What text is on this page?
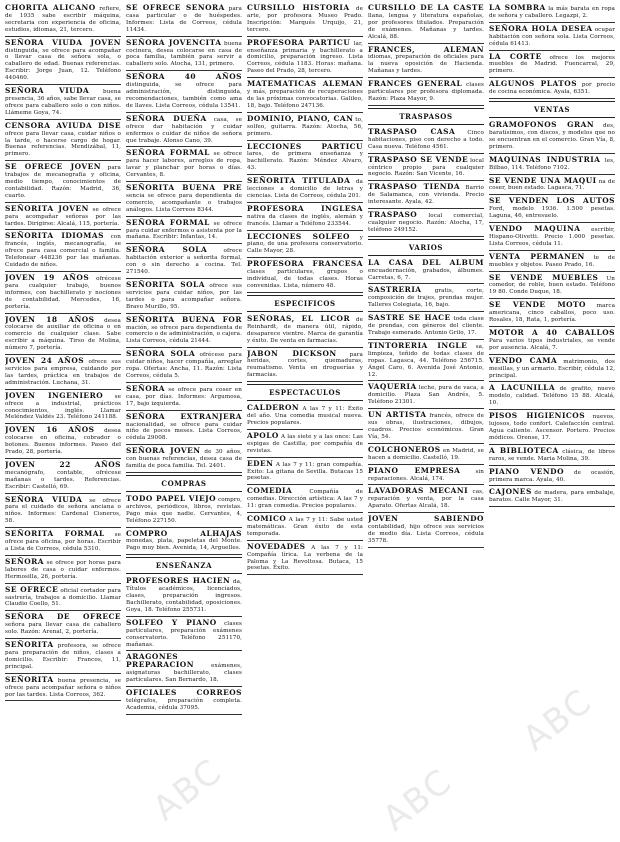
CHORITA ALICANO refiere, de 1935 sabe escribir máquina, secretaria con experiencia de oficina, estudios, idiomas, 21, tercero.
SEÑORA VIUDA JOVEN distinguida, se ofrece para acompañar o llevar casa de señora sola, o caballero de edad. Buenas referencias. Escribir: Jorge Juan, 12. Teléfono 440460.
SEÑORA VIUDA buena presencia, 36 años, sabe llevar casa, se ofrece para caballero solo o con niños. Llámeme Goya, 74.
CENSORA AVIUDA DISE ofrece para llevar casa, cuidar niños o la tarde, o hacerse cargo de hogar. Buenas referencias. Mendizábal, 11, primero.
SE OFRECE JOVEN para trabajos de mecanografía y oficina, medio tiempo, conocimientos de contabilidad. Razón: Madrid, 36, cuarto.
SEÑORITA JOVEN se ofrece para acompañar señoras por las tardes. Dirigirse: Alcalá, 115, portería.
SEÑORITA IDIOMAS con francés, inglés, mecanografía, se ofrece para casa comercial o familia. Telefonear 448236 por las mañanas. Cuidado de niños.
JOVEN 19 AÑOS ofrécese para cualquier trabajo, buenos informes, con bachillerato y nociones de contabilidad. Mercedes, 16, portería.
JOVEN 18 AÑOS desea colocarse de auxiliar de oficina o en comercio de cualquier clase. Sabe escribir a máquina. Tirso de Molina, número 7, portería.
JOVEN 24 AÑOS ofrece sus servicios para empresa, cuidando por las tardes, práctica en trabajos de administración. Luchana, 31.
JOVEN INGENIERO se ofrece a industrial, prácticos conocimientos, inglés. Llamar Meléndez Valdés 23. Teléfono 241188.
JOVEN 16 AÑOS desea colocarse en oficina, cobrador o botones. Buenos informes. Paseo del Prado, 28, portería.
JOVEN 22 AÑOS mecanógrafo, contable, ofrécese mañanas o tardes. Referencias. Escribir: Castelló, 69.
SEÑORA VIUDA se ofrece para el cuidado de señora anciana o niños. Informes: Cardenal Cisneros, 58.
SEÑORITA FORMAL se ofrece para oficina, por horas. Escribir a Lista de Correos, cédula 5310.
SEÑORA se ofrece por horas para labores de casa o cuidar enfermos. Hermosilla, 26, portería.
SE OFRECE oficial cortador para sastrería, trabajos a domicilio. Llamar Claudio Coello, 51.
SEÑORA DE OFRECE señora para llevar casa de caballero solo. Razón: Arenal, 2, portería.
SEÑORITA profesora, se ofrece para preparación de niños, clases a domicilio. Escribir: Francos, 11, principal.
SEÑORITA buena presencia, se ofrece para acompañar señora o niños por las tardes. Lista Correos, 362.
SE OFRECE SEÑORA para casa particular o de huéspedes. Informes: Lista de Correos, cédula 11434.
SEÑORA JOVENCITA buena cocinera, desea colocarse en casa de poca familia, también para servir a caballero solo. Atocha, 131, primero.
SEÑORA 40 AÑOS distinguida, se ofrece para administración, distinguida, recomendaciones, también como ama de llaves. Lista Correos, cédula 13541.
SEÑORA DUEÑA casa, se ofrece dar habitación y cuidar enfermos o cuidar de niños de señora que trabaje. Alonso Cano, 39.
SEÑORA FORMAL se ofrece para hacer labores, arreglos de ropa, lavar y planchar por horas o días. Cervantes, 8.
SEÑORITA BUENA PRE sencia se ofrece para dependienta de comercio, acompañante o trabajos análogos. Lista Correos 8344.
SEÑORA FORMAL se ofrece para cuidar enfermos o asistenta por la mañana. Escribir: Infantas, 14.
SEÑORA SOLA	ofrece habitación exterior a señorita formal, con o sin derecho a cocina. Tel. 271540.
SEÑORITA SOLA ofrece sus servicios para cuidar niños, por las tardes o para acompañar señora. Bravo Murillo, 95.
SEÑORITA BUENA FOR mación, se ofrece para dependienta de comercio o de administración, o cajera. Lista Correos, cédula 21444.
SEÑORA SOLA ofrécese para cuidar niños, hacer compañía, arreglar ropa. Ofertas: Ancha, 11. Razón: Lista Correos, cédula 5.
SEÑORA se ofrece para coser en casa, por días. Informes: Argumosa, 17, bajo izquierda.
SEÑORA EXTRANJERA nacionalidad, se ofrece para cuidar niño de pocos meses. Lista Correos, cédula 29008.
SEÑORA JOVEN de 30 años, con buenas referencias, desea casa de familia de poca familia. Tel. 2401.
COMPRAS
TODO PAPEL VIEJO compro, archivos, periódicos, libros, revistas. Pago más que nadie. Cervantes, 4, Teléfono 227150.
COMPRO ALHAJAS monedas, plata, papeletas del Monte. Pago muy bien. Avenida, 14, Arguelles.
ENSEÑANZA
PROFESORES HACIEN da, Títulos académicos, licenciados, clases, preparación ingresos. Bachillerato, contabilidad, oposiciones. Goya, 18. Teléfono 255731.
SOLFEO Y PIANO clases particulares, preparación exámenes conservatorio. Teléfono 251170, mañanas.
ARAGONES PREPARACION	exámenes, asignaturas bachillerato, clases particulares. San Bernardo, 18.
OFICIALES CORREOS telégrafos, preparación completa. Academia, cédula 37095.
CURSILLO HISTORIA de arte, por profesora Museo Prado. Inscripción: Marqués Urquijo, 21, tercero.
PROFESORA PARTICU lar, enseñanza primaria y bachillerato a domicilio, preparación ingreso. Lista Correos, cédula 1183. Horas: mañana. Paseo del Prado, 28, tercero.
MATEMATICAS ALEMAN y más, preparación de recuperaciones de las próximas convocatorias. Galileo, 18, bajo. Teléfono 247136.
DOMINIO, PIANO, CAN to, solfeo, guitarra. Razón: Atocha, 56, primero.
LECCIONES PARTICU lares, de primera enseñanza y bachillerato. Razón: Méndez Alvaro, 43.
SEÑORITA TITULADA da lecciones a domicilio de letras y ciencias. Lista de Correos, cédula 201.
PROFESORA INGLESA nativa da clases de inglés, alemán y francés. Llamar a Teléfono 233544.
LECCIONES SOLFEO y piano, de una profesora conservatorio. Calle Mayor, 28.
PROFESORA FRANCESA clases particulares, grupos o individual, de todas clases. Horas convenidas. Lista, número 48.
ESPECIFICOS
SEÑORAS, EL LICOR de Reinhardt, de manera útil, rápido, desaparece vientre. Marca de garantía y éxito. De venta en farmacias.
JABON DICKSON para heridas, cortes, quemaduras, reumatismo. Venta en droguerías y farmacias.
ESPECTACULOS
CALDERON A las 7 y 11: Éxito del año. Una comedia musical nueva. Precios populares.
APOLO A las siete y a las once: Las espigas de Castilla, por compañía de revistas.
EDEN A las 7 y 11: gran compañía. Éxito: La gitana de Sevilla. Butacas 15 pesetas.
COMEDIA	Compañía de comedias. Dirección artística: A las 7 y 11: gran comedia. Precios populares.
COMICO A las 7 y 11: Sabe usted matemáticas. Gran éxito de esta temporada.
NOVEDADES A las 7 y 11: Compañía lírica. La verbena de la Paloma y La Revoltosa. Butaca, 15 pesetas. Éxito.
CURSILLO DE LA CASTE llana, lengua y literatura españolas, por profesores titulados. Preparación de exámenes. Mañanas y tardes. Alcalá, 88.
FRANCES, ALEMAN idiomas, preparación de oficiales para la nueva oposición de Hacienda. Mañanas y tardes.
FRANCES GENERAL clases particulares por profesora diplomada. Razón: Plaza Mayor, 9.
TRASPASOS
TRASPASO CASA Cinco habitaciones, piso con derecho a todo. Casa nueva. Teléfono 4561.
TRASPASO SE VENDE local céntrico propio para cualquier negocio. Razón: San Vicente, 16.
TRASPASO TIENDA Barrio de Salamanca, con vivienda. Precio interesante. Ayala, 42.
TRASPASO local comercial, cualquier negocio. Razón: Atocha, 17, teléfono 249152.
VARIOS
LA CASA DEL ALBUM encuadernación, grabados, álbumes. Carretas, 6, 7.
SASTRERIA gratis, corte, composición de trajes, prendas mujer. Talleres Colegiata, 16, bajo.
SASTRE SE HACE toda clase de prendas, con géneros del cliente. Trabajo esmerado. Antonio Grilo, 17.
TINTORERIA INGLE sa, limpieza, teñido de todas clases de ropas. Lagasca, 44. Teléfono 256715. Ángel Caro, 6. Avenida José Antonio, 12.
VAQUERIA leche, pura de vaca, a domicilio. Plaza San Andrés, 5. Teléfono 21301.
UN ARTISTA francés, ofrece de sus obras, ilustraciones, dibujos, cuadros. Precios económicos. Gran Vía, 54.
COLCHONEROS en Madrid, se hacen a domicilio. Castelló, 19.
PIANO EMPRESA	sin reparaciones. Alcalá, 174.
LAVADORAS MECANI cas, reparación y venta, por la casa Aparato. Ofertas Alcalá, 18.
JOVEN SABIENDO contabilidad, hijo ofrece sus servicios de medio día. Lista Correos, cédula 35778.
LA SOMBRA la más barata en ropa de señora y caballero. Legazpi, 2.
SEÑORA HOLA DESEA ocupar habitación con señora sola. Lista Correos, cédula 61413.
LA CORTE ofrece los mejores muebles de Madrid. Fuencarral, 29, primero.
ALGUNOS PLATOS por precio de cocina económica. Ayala, 6351.
VENTAS
GRAMOFONOS GRAN des, baratísimos, con discos, y modelos que no se encuentran en el comercio. Gran Vía, 8, primero.
MAQUINAS INDUSTRIA les, Bilbao, 114. Teléfono 7102.
SE VENDE UNA MAQUI na de coser, buen estado. Lagasca, 71.
SE VENDEN LOS AUTOS Ford, modelo 1936. 1.500 pesetas. Laguna, 46, entresuelo.
VENDO MAQUINA escribir, Hispano-Olivetti. Precio 1.000 pesetas. Lista Correos, cédula 11.
VENTA PERMANEN te de muebles y objetos. Paseo Prado, 16.
SE VENDE MUEBLES Un comedor, de roble, buen estado. Teléfono 19 80. Conde Duque, 18.
SE VENDE MOTO marca americana, cinco caballos, poco uso. Rosales, 18, Rata, 1, portería.
MOTOR A 40 CABALLOS Para varios tipos industriales, se vende por ausencia. Alcalá, 7.
VENDO CAMA matrimonio, dos mesillas, y un armario. Escribir, cédula 12, principal.
A LACUNILLA de grafito, nuevo modelo, calidad. Teléfono 15 88. Alcalá, 10.
PISOS HIGIENICOS nuevos, lujosos, todo confort. Calefacción central. Agua caliente. Ascensor. Portero. Precios módicos. Orense, 17.
A BIBLIOTECA clásica, de libros raros, se vende. Maria Molina, 39.
PIANO VENDO de ocasión, primera marca. Ayala, 40.
CAJONES de madera, para embalaje, baratos. Calle Mayor, 31.
ABC	ABC
ABC
